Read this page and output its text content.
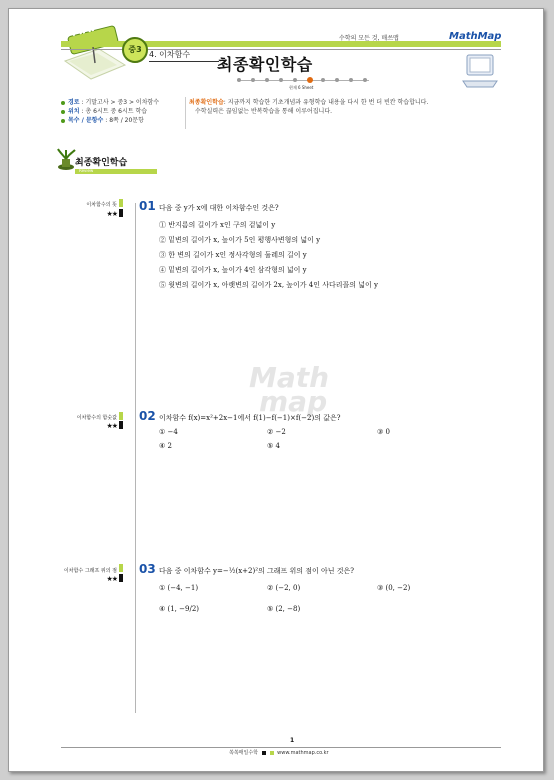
MAP	수학의 모든 것, 매쓰맵	MathMap
중3
4. 이차함수
최종확인학습
현재 6 Sheet
경로 : 기말고사 > 중3 > 이차함수
위치 : 총 6시트 중 6시트 학습
목수 / 문항수 : 8쪽 / 20문항
최종확인학습: 지금까지 학습한 기초개념과 유형학습 내용을 다시 한 번 더 빈칸 학습합니다.
수학실력은 끊임없는 반복학습을 통해 이루어집니다.
최종확인학습
Review
이차함수의 뜻
★★
01 다음 중 y가 x에 대한 이차함수인 것은?
① 반지름의 길이가 x인 구의 겉넓이 y
② 밑변의 길이가 x, 높이가 5인 평행사변형의 넓이 y
③ 한 변의 길이가 x인 정사각형의 둘레의 길이 y
④ 밑변의 길이가 x, 높이가 4인 삼각형의 넓이 y
⑤ 윗변의 길이가 x, 아랫변의 길이가 2x, 높이가 4인 사다리꼴의 넓이 y
Math
map
이차함수의 함숫값
★★
02 이차함수 f(x)=x²+2x−1에서 f(1)−f(−1)×f(−2)의 값은?
① −4	② −2	③ 0
④ 2	⑤ 4
이차함수 그래프 위의 점
★★
03 다음 중 이차함수 y=−½(x+2)²의 그래프 위의 점이 아닌 것은?
① (−4, −1)	② (−2, 0)	③ (0, −2)
④ (1, −9/2)	⑤ (2, −8)
1
쏙쏙매일수학	www.mathmap.co.kr
